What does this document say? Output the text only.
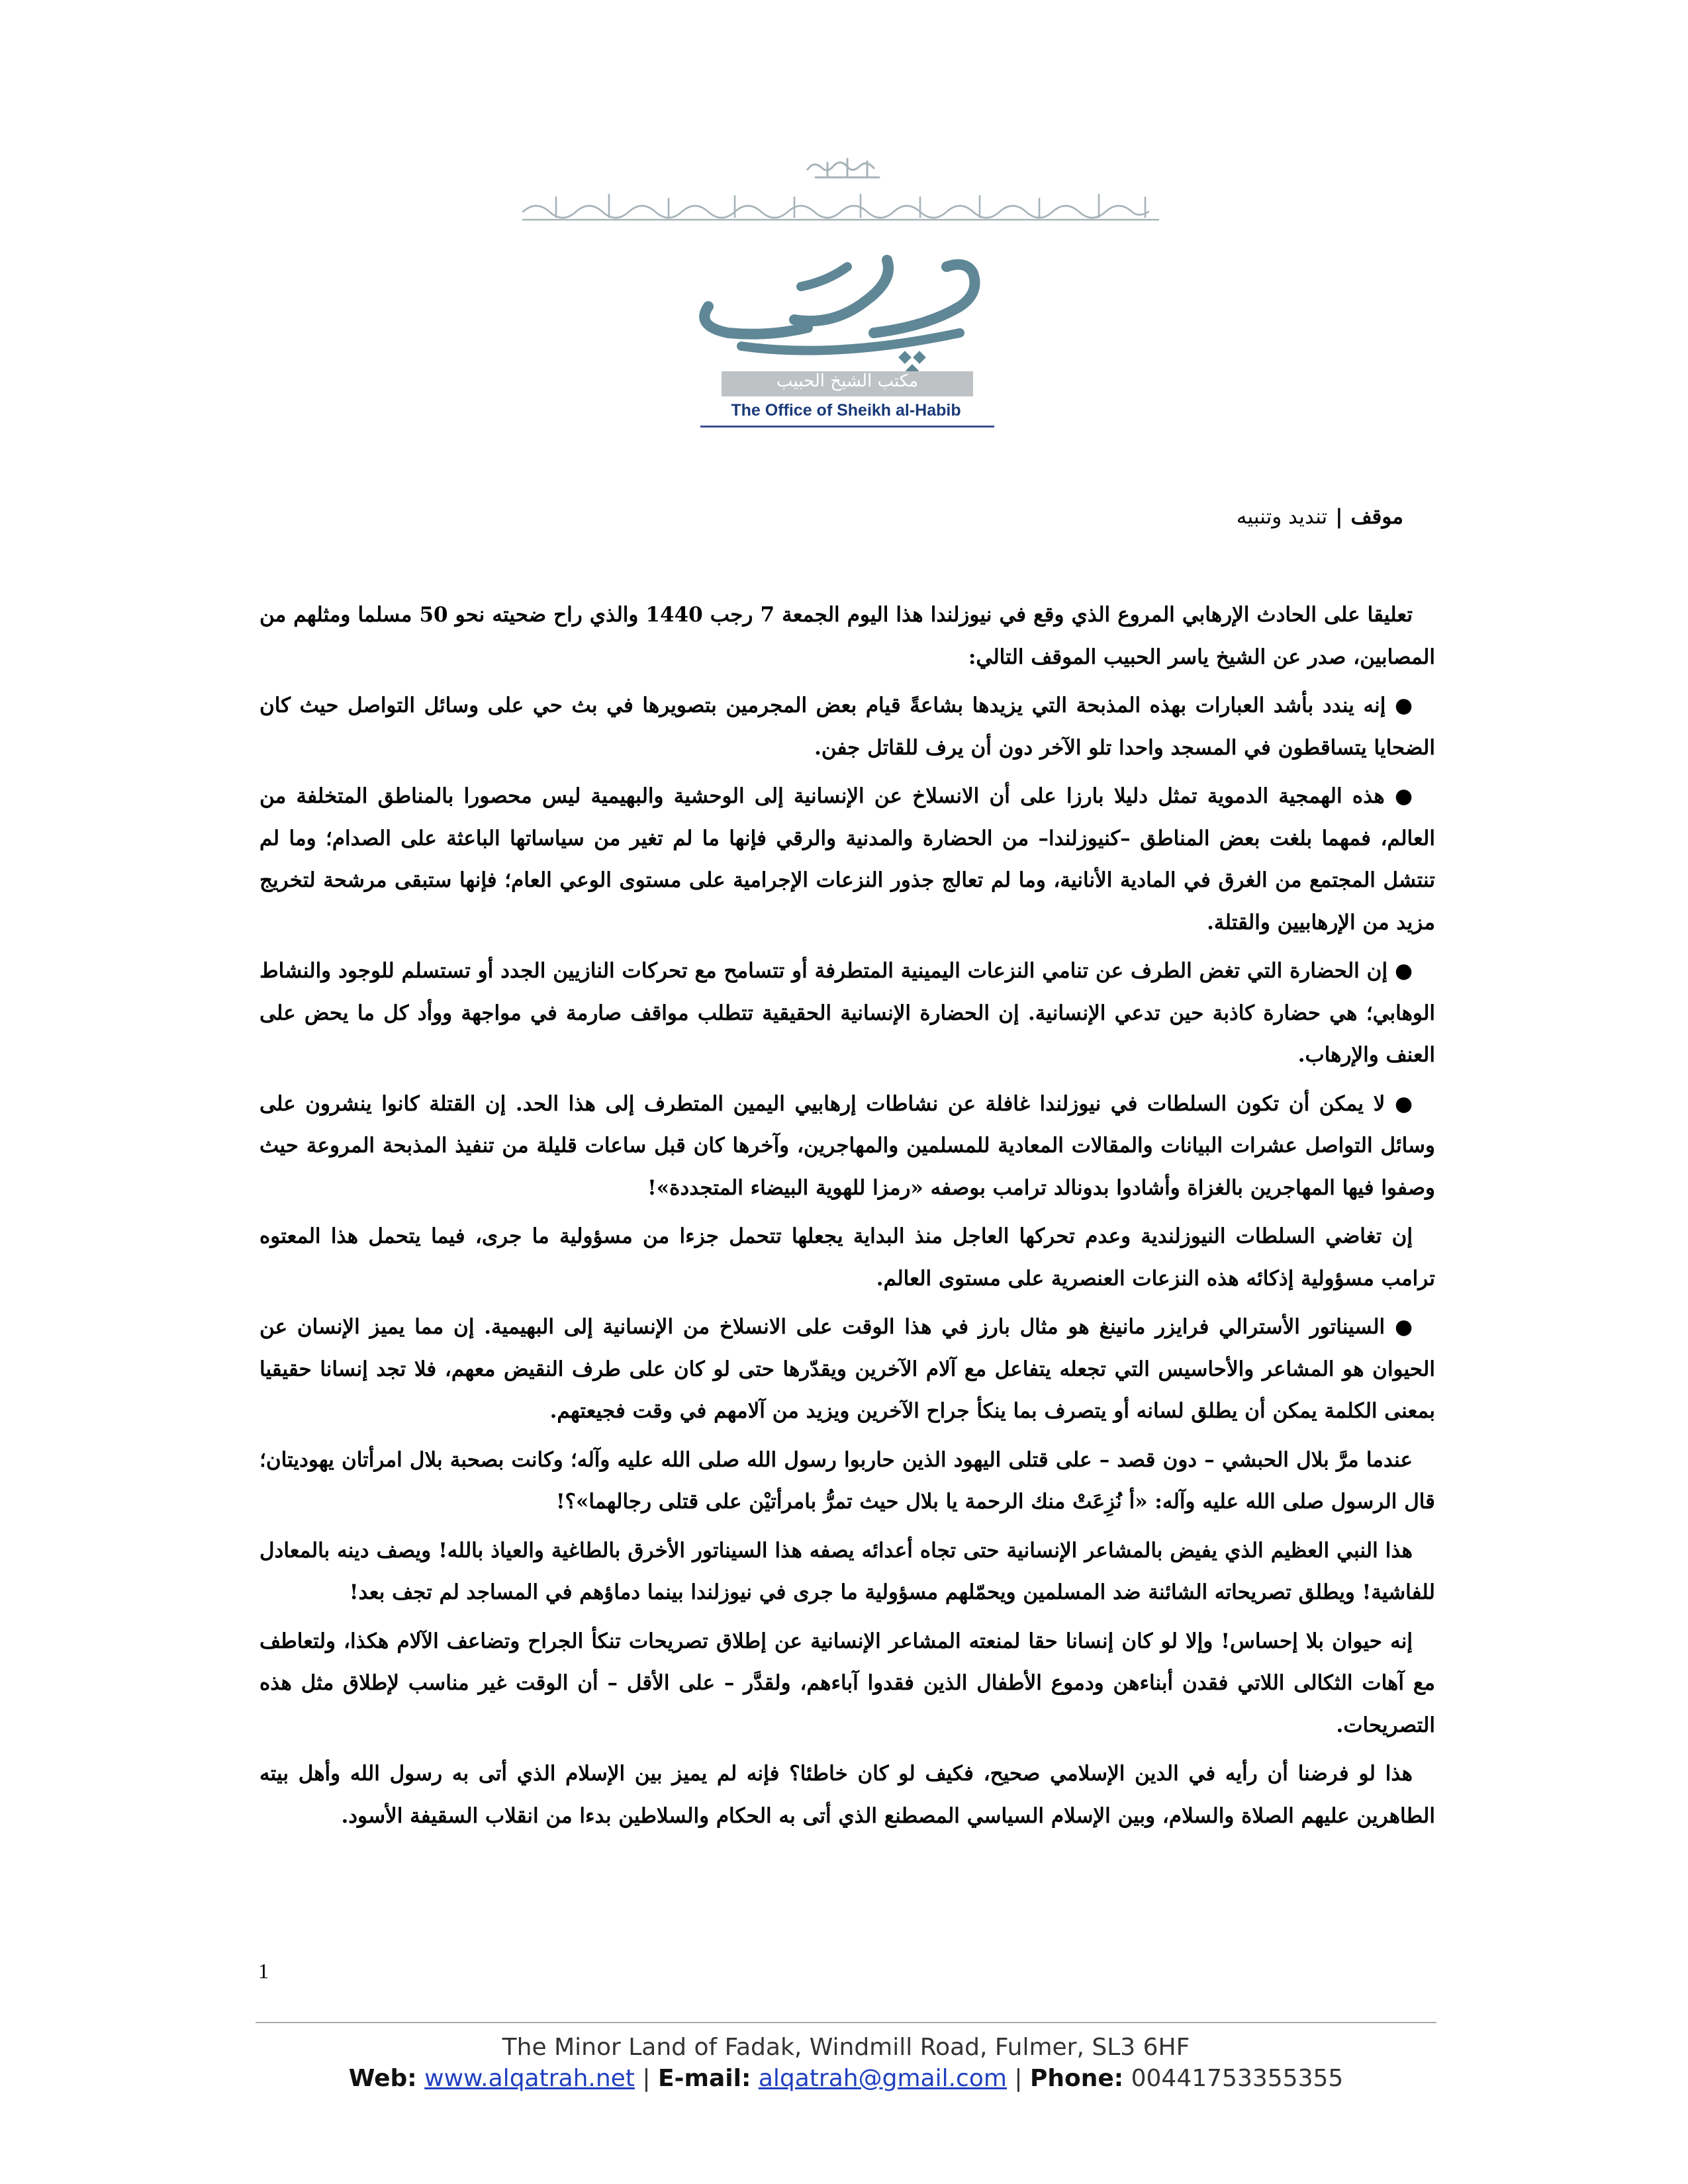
مكتب الشيخ الحبيب
The Office of Sheikh al-Habib
موقف|تنديد وتنبيه

تعليقا على الحادث الإرهابي المروع الذي وقع في نيوزلندا هذا اليوم الجمعة 7 رجب 1440 والذي راح ضحيته نحو 50 مسلما ومثلهم من المصابين، صدر عن الشيخ ياسر الحبيب الموقف التالي:

● إنه يندد بأشد العبارات بهذه المذبحة التي يزيدها بشاعةً قيام بعض المجرمين بتصويرها في بث حي على وسائل التواصل حيث كان الضحايا يتساقطون في المسجد واحدا تلو الآخر دون أن يرف للقاتل جفن.

● هذه الهمجية الدموية تمثل دليلا بارزا على أن الانسلاخ عن الإنسانية إلى الوحشية والبهيمية ليس محصورا بالمناطق المتخلفة من العالم، فمهما بلغت بعض المناطق –كنيوزلندا– من الحضارة والمدنية والرقي فإنها ما لم تغير من سياساتها الباعثة على الصدام؛ وما لم تنتشل المجتمع من الغرق في المادية الأنانية، وما لم تعالج جذور النزعات الإجرامية على مستوى الوعي العام؛ فإنها ستبقى مرشحة لتخريج مزيد من الإرهابيين والقتلة.

● إن الحضارة التي تغض الطرف عن تنامي النزعات اليمينية المتطرفة أو تتسامح مع تحركات النازيين الجدد أو تستسلم للوجود والنشاط الوهابي؛ هي حضارة كاذبة حين تدعي الإنسانية. إن الحضارة الإنسانية الحقيقية تتطلب مواقف صارمة في مواجهة ووأد كل ما يحض على العنف والإرهاب.

● لا يمكن أن تكون السلطات في نيوزلندا غافلة عن نشاطات إرهابيي اليمين المتطرف إلى هذا الحد. إن القتلة كانوا ينشرون على وسائل التواصل عشرات البيانات والمقالات المعادية للمسلمين والمهاجرين، وآخرها كان قبل ساعات قليلة من تنفيذ المذبحة المروعة حيث وصفوا فيها المهاجرين بالغزاة وأشادوا بدونالد ترامب بوصفه «رمزا للهوية البيضاء المتجددة»!

إن تغاضي السلطات النيوزلندية وعدم تحركها العاجل منذ البداية يجعلها تتحمل جزءا من مسؤولية ما جرى، فيما يتحمل هذا المعتوه ترامب مسؤولية إذكائه هذه النزعات العنصرية على مستوى العالم.

● السيناتور الأسترالي فرايزر مانينغ هو مثال بارز في هذا الوقت على الانسلاخ من الإنسانية إلى البهيمية. إن مما يميز الإنسان عن الحيوان هو المشاعر والأحاسيس التي تجعله يتفاعل مع آلام الآخرين ويقدّرها حتى لو كان على طرف النقيض معهم، فلا تجد إنسانا حقيقيا بمعنى الكلمة يمكن أن يطلق لسانه أو يتصرف بما ينكأ جراح الآخرين ويزيد من آلامهم في وقت فجيعتهم.

عندما مرَّ بلال الحبشي – دون قصد – على قتلى اليهود الذين حاربوا رسول الله صلى الله عليه وآله؛ وكانت بصحبة بلال امرأتان يهوديتان؛ قال الرسول صلى الله عليه وآله: «أ نُزِعَتْ منك الرحمة يا بلال حيث تمرُّ بامرأتيْن على قتلى رجالهما»؟!

هذا النبي العظيم الذي يفيض بالمشاعر الإنسانية حتى تجاه أعدائه يصفه هذا السيناتور الأخرق بالطاغية والعياذ بالله! ويصف دينه بالمعادل للفاشية! ويطلق تصريحاته الشائنة ضد المسلمين ويحمّلهم مسؤولية ما جرى في نيوزلندا بينما دماؤهم في المساجد لم تجف بعد!

إنه حيوان بلا إحساس! وإلا لو كان إنسانا حقا لمنعته المشاعر الإنسانية عن إطلاق تصريحات تنكأ الجراح وتضاعف الآلام هكذا، ولتعاطف مع آهات الثكالى اللاتي فقدن أبناءهن ودموع الأطفال الذين فقدوا آباءهم، ولقدَّر – على الأقل – أن الوقت غير مناسب لإطلاق مثل هذه التصريحات.

هذا لو فرضنا أن رأيه في الدين الإسلامي صحيح، فكيف لو كان خاطئا؟ فإنه لم يميز بين الإسلام الذي أتى به رسول الله وأهل بيته الطاهرين عليهم الصلاة والسلام، وبين الإسلام السياسي المصطنع الذي أتى به الحكام والسلاطين بدءا من انقلاب السقيفة الأسود.

1
The Minor Land of Fadak, Windmill Road, Fulmer, SL3 6HF
Web: www.alqatrah.net | E-mail: alqatrah@gmail.com | Phone: 00441753355355
